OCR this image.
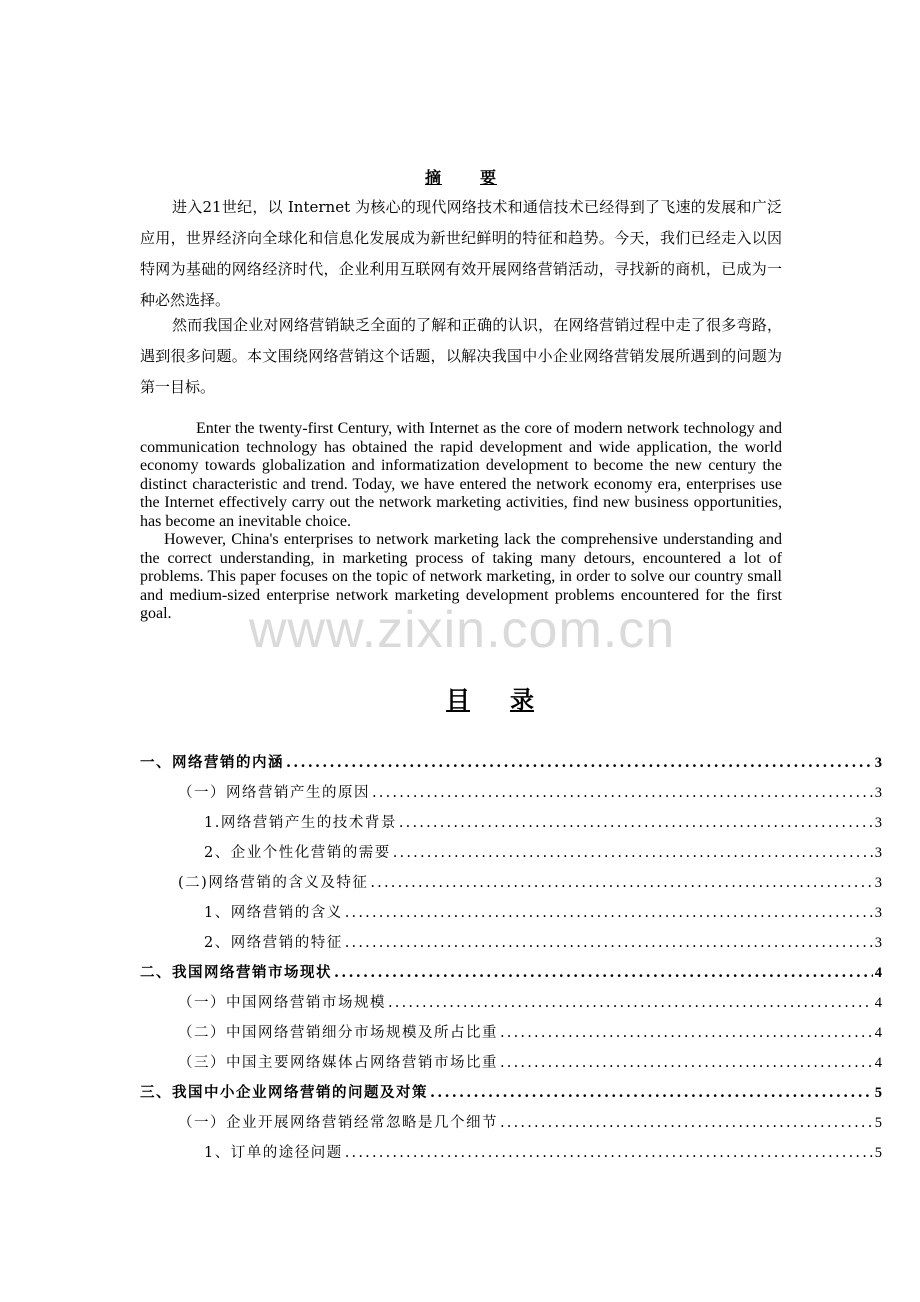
摘 要

进入21世纪，以 Internet 为核心的现代网络技术和通信技术已经得到了飞速的发展和广泛应用，世界经济向全球化和信息化发展成为新世纪鲜明的特征和趋势。今天，我们已经走入以因特网为基础的网络经济时代，企业利用互联网有效开展网络营销活动，寻找新的商机，已成为一种必然选择。

然而我国企业对网络营销缺乏全面的了解和正确的认识，在网络营销过程中走了很多弯路，遇到很多问题。本文围绕网络营销这个话题，以解决我国中小企业网络营销发展所遇到的问题为第一目标。

Enter the twenty-first Century, with Internet as the core of modern network technology and communication technology has obtained the rapid development and wide application, the world economy towards globalization and informatization development to become the new century the distinct characteristic and trend. Today, we have entered the network economy era, enterprises use the Internet effectively carry out the network marketing activities, find new business opportunities, has become an inevitable choice.

However, China's enterprises to network marketing lack the comprehensive understanding and the correct understanding, in marketing process of taking many detours, encountered a lot of problems. This paper focuses on the topic of network marketing, in order to solve our country small and medium-sized enterprise network marketing development problems encountered for the first goal.	www.zixin.com.cn
目 录
一、网络营销的内涵 .....	3
（一）网络营销产生的原因 .....	3
1.网络营销产生的技术背景 .....	3
2、企业个性化营销的需要 .....	3
(二)网络营销的含义及特征 .....	3
1、网络营销的含义 .....	3
2、网络营销的特征 .....	3
二、我国网络营销市场现状 .....	4
（一）中国网络营销市场规模 .....	4
（二）中国网络营销细分市场规模及所占比重 .....	4
（三）中国主要网络媒体占网络营销市场比重 .....	4
三、我国中小企业网络营销的问题及对策 .....	5
（一）企业开展网络营销经常忽略是几个细节 .....	5
1、订单的途径问题 .....	5
